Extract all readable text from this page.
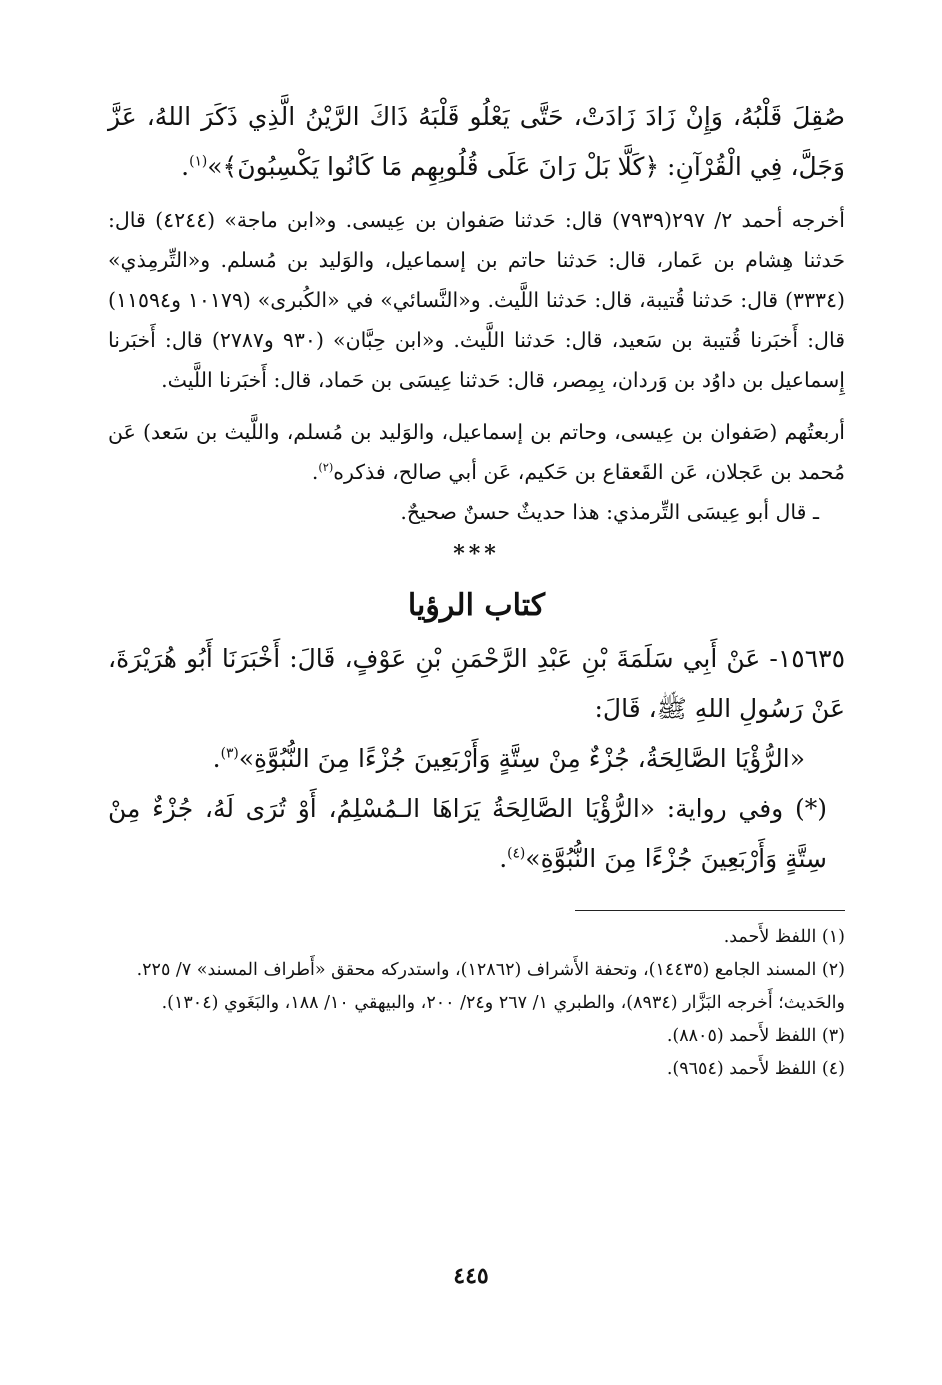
صُقِلَ قَلْبُهُ، وَإِنْ زَادَ زَادَتْ، حَتَّى يَعْلُو قَلْبَهُ ذَاكَ الرَّيْنُ الَّذِي ذَكَرَ اللهُ، عَزَّ وَجَلَّ، فِي الْقُرْآنِ: ﴿كَلَّا بَلْ رَانَ عَلَى قُلُوبِهِم مَا كَانُوا يَكْسِبُونَ﴾»$^{(١)}$.

أخرجه أحمد ٢/ ٢٩٧(٧٩٣٩) قال: حَدثنا صَفوان بن عِيسى. و«ابن ماجة» (٤٢٤٤) قال: حَدثنا هِشام بن عَمار، قال: حَدثنا حاتم بن إسماعيل، والوَليد بن مُسلم. و«التِّرمِذي» (٣٣٣٤) قال: حَدثنا قُتيبة، قال: حَدثنا اللَّيث. و«النَّسائي» في «الكُبرى» (١٠١٧٩ و١١٥٩٤) قال: أَخبَرنا قُتيبة بن سَعيد، قال: حَدثنا اللَّيث. و«ابن حِبَّان» (٩٣٠ و٢٧٨٧) قال: أَخبَرنا إِسماعيل بن داوُد بن وَردان، بِمِصر، قال: حَدثنا عِيسَى بن حَماد، قال: أَخبَرنا اللَّيث.

أربعتُهم (صَفوان بن عِيسى، وحاتم بن إسماعيل، والوَليد بن مُسلم، واللَّيث بن سَعد) عَن مُحمد بن عَجلان، عَن القَعقاع بن حَكيم، عَن أبي صالح، فذكره$^{(٢)}$.

ـ قال أبو عِيسَى التِّرمذي: هذا حديثٌ حسنٌ صحيحٌ.

***
كتاب الرؤيا

١٥٦٣٥- عَنْ أَبِي سَلَمَةَ بْنِ عَبْدِ الرَّحْمَنِ بْنِ عَوْفٍ، قَالَ: أَخْبَرَنَا أَبُو هُرَيْرَةَ، عَنْ رَسُولِ اللهِ ﷺ، قَالَ:

«الرُّؤْيَا الصَّالِحَةُ، جُزْءٌ مِنْ سِتَّةٍ وَأَرْبَعِينَ جُزْءًا مِنَ النُّبُوَّةِ»$^{(٣)}$.

(*) وفي رواية: «الرُّؤْيَا الصَّالِحَةُ يَرَاهَا الـمُسْلِمُ، أَوْ تُرَى لَهُ، جُزْءٌ مِنْ سِتَّةٍ وَأَرْبَعِينَ جُزْءًا مِنَ النُّبُوَّةِ»$^{(٤)}$.

(١) اللفظ لأَحمد.

(٢) المسند الجامع (١٤٤٣٥)، وتحفة الأَشراف (١٢٨٦٢)، واستدركه محقق «أَطراف المسند» ٧/ ٢٢٥.

والحَديث؛ أَخرجه البَزَّار (٨٩٣٤)، والطبري ١/ ٢٦٧ و٢٤/ ٢٠٠، والبيهقي ١٠/ ١٨٨، والبَغَوي (١٣٠٤).

(٣) اللفظ لأَحمد (٨٨٠٥).

(٤) اللفظ لأَحمد (٩٦٥٤).

٤٤٥
